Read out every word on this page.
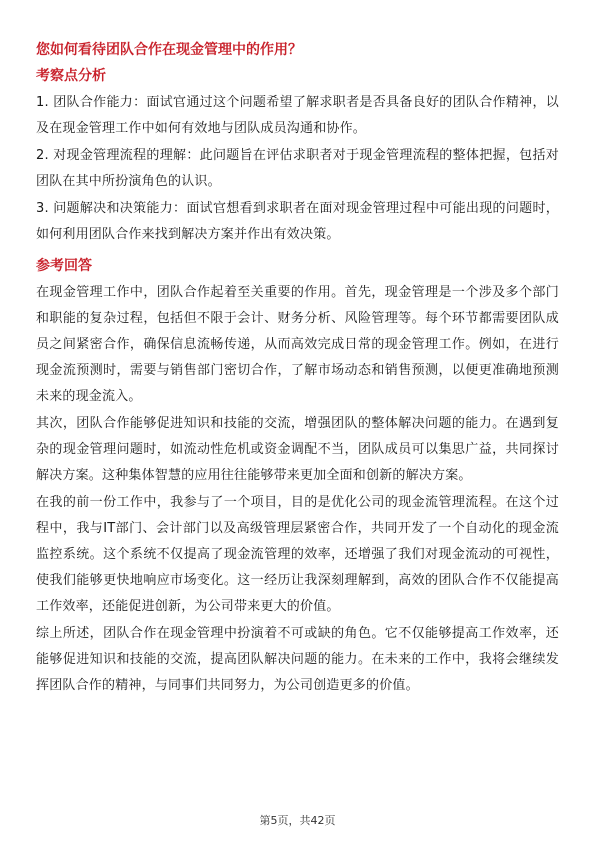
您如何看待团队合作在现金管理中的作用？
考察点分析
1. 团队合作能力：面试官通过这个问题希望了解求职者是否具备良好的团队合作精神，以及在现金管理工作中如何有效地与团队成员沟通和协作。
2. 对现金管理流程的理解：此问题旨在评估求职者对于现金管理流程的整体把握，包括对团队在其中所扮演角色的认识。
3. 问题解决和决策能力：面试官想看到求职者在面对现金管理过程中可能出现的问题时，如何利用团队合作来找到解决方案并作出有效决策。
参考回答
在现金管理工作中，团队合作起着至关重要的作用。首先，现金管理是一个涉及多个部门和职能的复杂过程，包括但不限于会计、财务分析、风险管理等。每个环节都需要团队成员之间紧密合作，确保信息流畅传递，从而高效完成日常的现金管理工作。例如，在进行现金流预测时，需要与销售部门密切合作，了解市场动态和销售预测，以便更准确地预测未来的现金流入。
其次，团队合作能够促进知识和技能的交流，增强团队的整体解决问题的能力。在遇到复杂的现金管理问题时，如流动性危机或资金调配不当，团队成员可以集思广益，共同探讨解决方案。这种集体智慧的应用往往能够带来更加全面和创新的解决方案。
在我的前一份工作中，我参与了一个项目，目的是优化公司的现金流管理流程。在这个过程中，我与IT部门、会计部门以及高级管理层紧密合作，共同开发了一个自动化的现金流监控系统。这个系统不仅提高了现金流管理的效率，还增强了我们对现金流动的可视性，使我们能够更快地响应市场变化。这一经历让我深刻理解到，高效的团队合作不仅能提高工作效率，还能促进创新，为公司带来更大的价值。
综上所述，团队合作在现金管理中扮演着不可或缺的角色。它不仅能够提高工作效率，还能够促进知识和技能的交流，提高团队解决问题的能力。在未来的工作中，我将会继续发挥团队合作的精神，与同事们共同努力，为公司创造更多的价值。
第5页，共42页
